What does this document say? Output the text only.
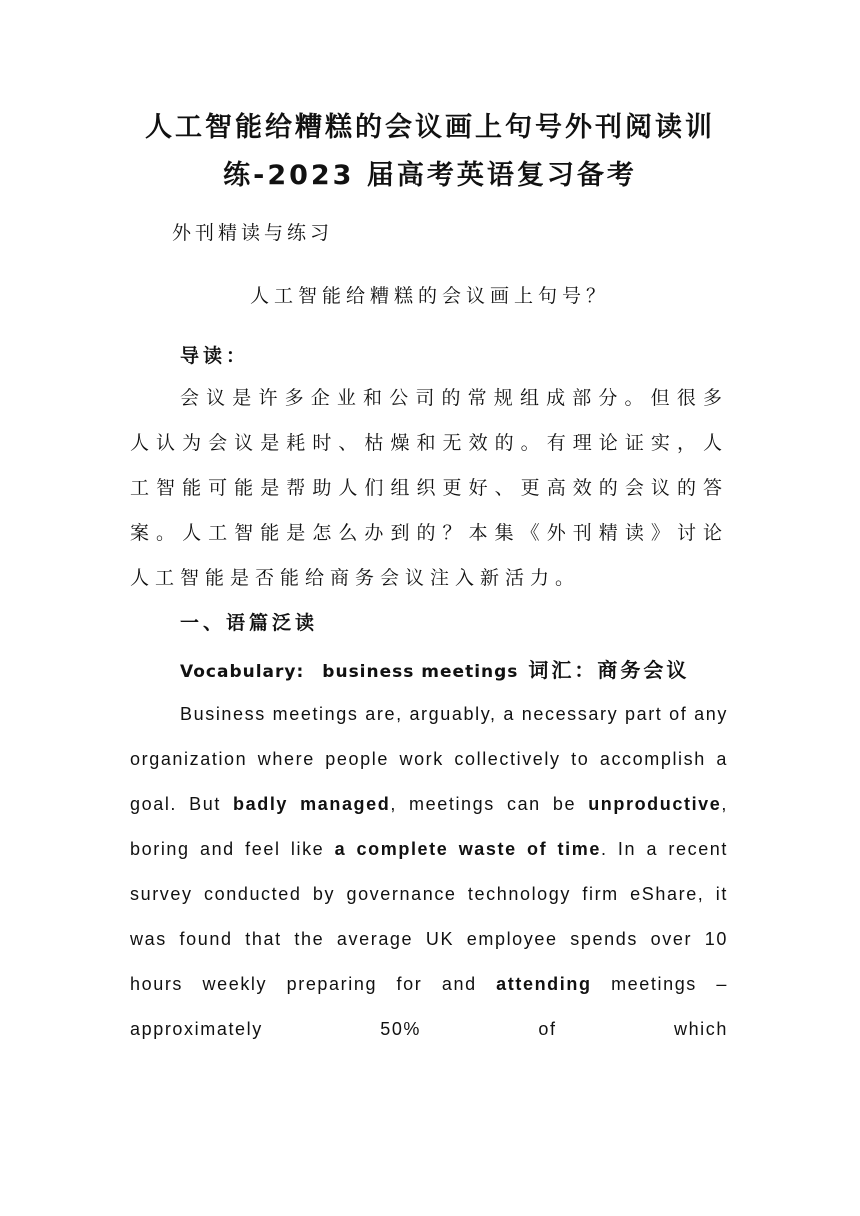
人工智能给糟糕的会议画上句号外刊阅读训
练-2023 届高考英语复习备考

外刊精读与练习

人工智能给糟糕的会议画上句号？

导读：

会议是许多企业和公司的常规组成部分。但很多人认为会议是耗时、枯燥和无效的。有理论证实，人工智能可能是帮助人们组织更好、更高效的会议的答案。人工智能是怎么办到的？本集《外刊精读》讨论人工智能是否能给商务会议注入新活力。

一、语篇泛读

Vocabulary: business meetings 词汇：商务会议

Business meetings are, arguably, a necessary part of any organization where people work collectively to accomplish a goal. But badly managed, meetings can be unproductive, boring and feel like a complete waste of time. In a recent survey conducted by governance technology firm eShare, it was found that the average UK employee spends over 10 hours weekly preparing for and attending meetings – approximately 50% of which
